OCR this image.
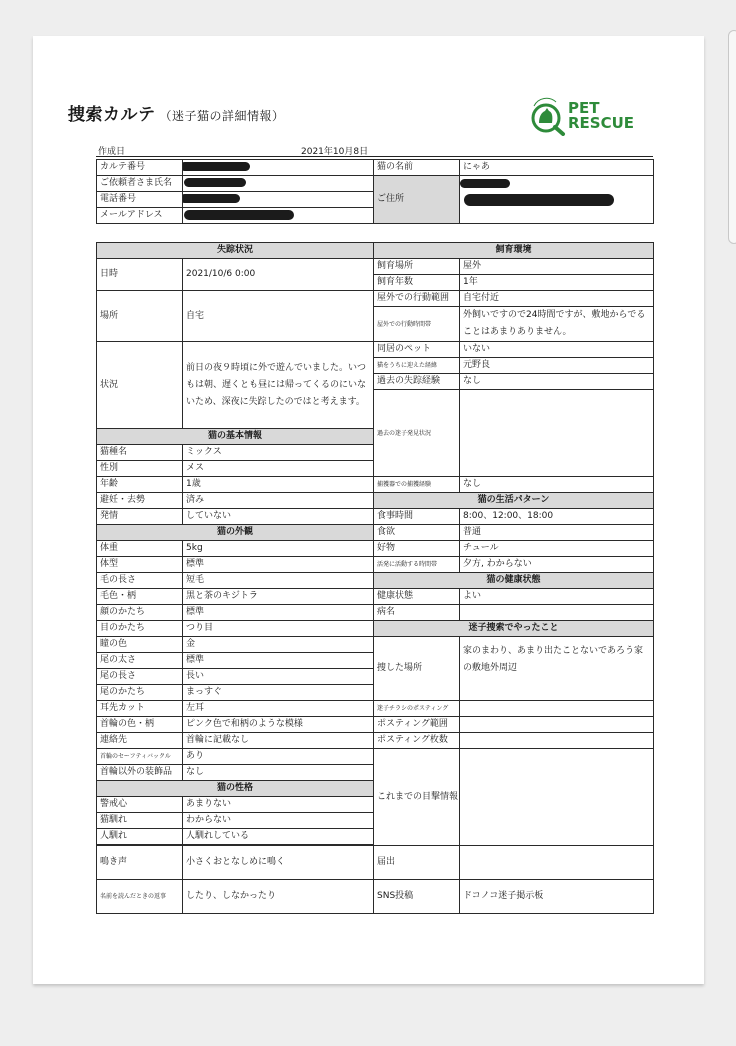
捜索カルテ （迷子猫の詳細情報）	PET
RESCUE
作成日	2021年10月8日
カルテ番号		猫の名前	にゃあ
ご依頼者さま氏名		ご住所	

電話番号			
メールアドレス			
失踪状況		飼育環境	
日時	2021/10/6 0:00	飼育場所	屋外
		飼育年数	1年
場所	自宅	屋外での行動範囲	自宅付近
		屋外での行動時間帯	外飼いですので24時間ですが、敷地からでることはあまりありません。

状況	前日の夜９時頃に外で遊んでいました。いつもは朝、遅くとも昼には帰ってくるのにいないため、深夜に失踪したのではと考えます。	同居のペット	いない
		猫をうちに迎えた経緯	元野良
		過去の失踪経験	なし
		過去の迷子発見状況	
猫の基本情報			
猫種名	ミックス		
性別	メス		
年齢	1歳	捕獲器での捕獲経験	なし
避妊・去勢	済み	猫の生活パターン	
発情	していない	食事時間	8:00、12:00、18:00
猫の外観		食欲	普通
体重	5kg	好物	チュール
体型	標準	活発に活動する時間帯	夕方, わからない
毛の長さ	短毛	猫の健康状態	
毛色・柄	黒と茶のキジトラ	健康状態	よい
顔のかたち	標準	病名	
目のかたち	つり目	迷子捜索でやったこと	
瞳の色	金	捜した場所	家のまわり、あまり出たことないであろう家の敷地外周辺
尾の太さ	標準		
尾の長さ	長い		
尾のかたち	まっすぐ		
耳先カット	左耳	迷子チラシのポスティング	
首輪の色・柄	ピンク色で和柄のような模様	ポスティング範囲	
連絡先	首輪に記載なし	ポスティング枚数	
首輪のセーフティバックル	あり	これまでの目撃情報	
首輪以外の装飾品	なし		
猫の性格			
警戒心	あまりない		
猫馴れ	わからない		
人馴れ	人馴れしている		

鳴き声	小さくおとなしめに鳴く	届出	
名前を読んだときの返事	したり、しなかったり	SNS投稿	ドコノコ迷子掲示板
